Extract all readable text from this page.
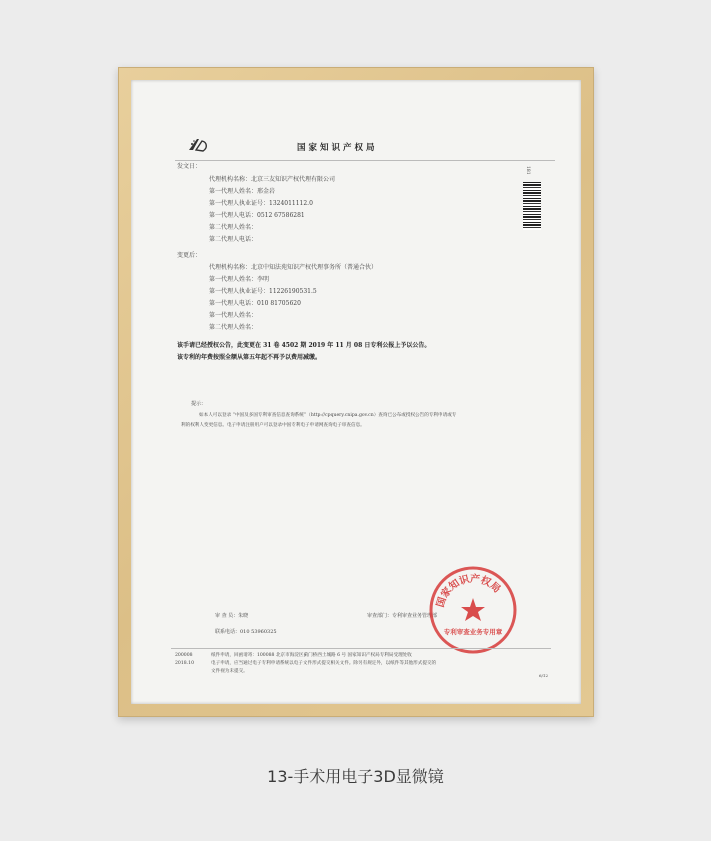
国家知识产权局
181
发文日：
代理机构名称：北京三友知识产权代理有限公司
第一代理人姓名：邢金岩
第一代理人执业证号：1324011112.0
第一代理人电话：0512 67586281
第二代理人姓名：
第二代理人电话：
变更后：
代理机构名称：北京中知法苑知识产权代理事务所（普通合伙）
第一代理人姓名：李明
第一代理人执业证号：11226190531.5
第一代理人电话：010 81705620
第一代理人姓名：
第二代理人姓名：
该手请已经授权公告，此变更在 31 卷 4502 期 2019 年 11 月 08 日专利公报上予以公告。
该专利的年费按照全额从第五年起不再予以费用减缴。
提示：
如本人可以登录 “中国及多国专利审查信息查询系统”（http://cpquery.cnipa.gov.cn）查询已公布或授权公告的专利申请或专
利的权利人变更信息。电子申请注册用户可以登录中国专利电子申请网查询电子审查信息。
审 查 员：朱晓
联系电话：010 53960325
审查部门：专利审查业务管理部
国家知识产权局
专利审查业务专用章
200008
2018.10
纸件申请，回函请寄：100088 北京市海淀区蓟门桥西土城路 6 号 国家知识产权局专利局受理处收
电子申请，应当通过电子专利申请系统以电子文件形式提交相关文件。除另有规定外，以纸件等其他形式提交的
文件视为未提交。
6/12
13-手术用电子3D显微镜
